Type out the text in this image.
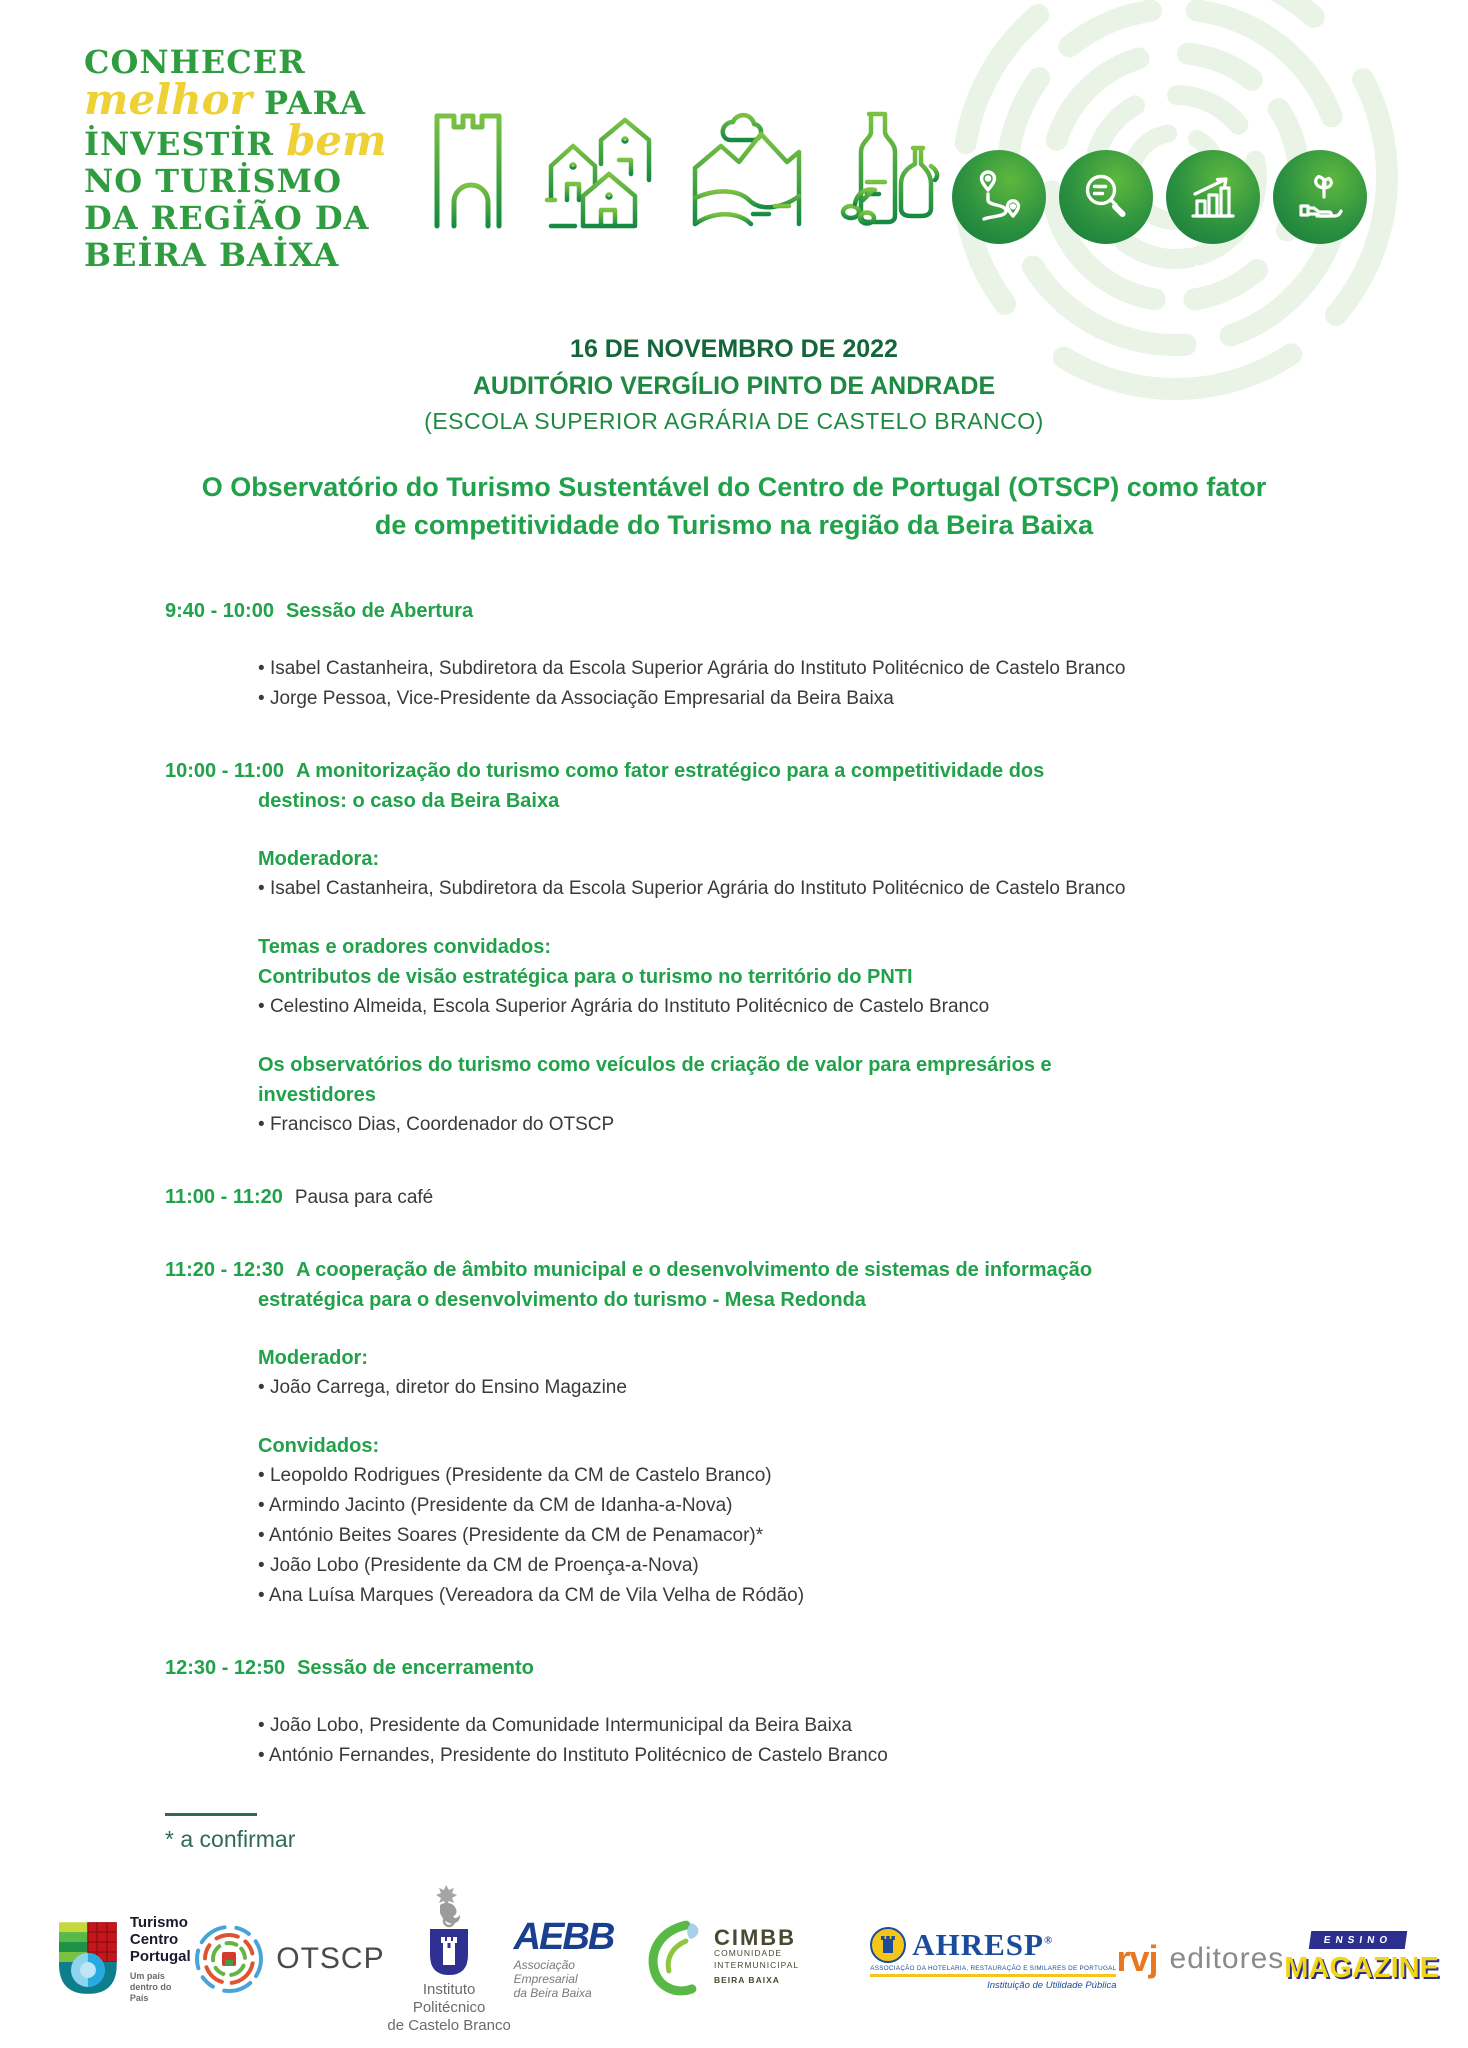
CONHECER
melhor PARA
İNVESTİR bem
NO TURİSMO
DA REGİÃO DA
BEİRA BAİXA
16 DE NOVEMBRO DE 2022
AUDITÓRIO VERGÍLIO PINTO DE ANDRADE
(ESCOLA SUPERIOR AGRÁRIA DE CASTELO BRANCO)
O Observatório do Turismo Sustentável do Centro de Portugal (OTSCP) como fator
de competitividade do Turismo na região da Beira Baixa

9:40 - 10:00 Sessão de Abertura

• Isabel Castanheira, Subdiretora da Escola Superior Agrária do Instituto Politécnico de Castelo Branco

• Jorge Pessoa, Vice-Presidente da Associação Empresarial da Beira Baixa

10:00 - 11:00 A monitorização do turismo como fator estratégico para a competitividade dos

destinos: o caso da Beira Baixa

Moderadora:

• Isabel Castanheira, Subdiretora da Escola Superior Agrária do Instituto Politécnico de Castelo Branco

Temas e oradores convidados:

Contributos de visão estratégica para o turismo no território do PNTI

• Celestino Almeida, Escola Superior Agrária do Instituto Politécnico de Castelo Branco

Os observatórios do turismo como veículos de criação de valor para empresários e

investidores

• Francisco Dias, Coordenador do OTSCP

11:00 - 11:20 Pausa para café

11:20 - 12:30 A cooperação de âmbito municipal e o desenvolvimento de sistemas de informação

estratégica para o desenvolvimento do turismo - Mesa Redonda

Moderador:

• João Carrega, diretor do Ensino Magazine

Convidados:

• Leopoldo Rodrigues (Presidente da CM de Castelo Branco)

• Armindo Jacinto (Presidente da CM de Idanha-a-Nova)

• António Beites Soares (Presidente da CM de Penamacor)*

• João Lobo (Presidente da CM de Proença-a-Nova)

• Ana Luísa Marques (Vereadora da CM de Vila Velha de Ródão)

12:30 - 12:50 Sessão de encerramento

• João Lobo, Presidente da Comunidade Intermunicipal da Beira Baixa

• António Fernandes, Presidente do Instituto Politécnico de Castelo Branco

* a confirmar
Turismo
Centro
Portugal
Um país
dentro do País
OTSCP
Instituto Politécnico
de Castelo Branco
AEBB
Associação Empresarial
da Beira Baixa
CIMBB
COMUNIDADE INTERMUNICIPAL
BEIRA BAIXA
AHRESP®
ASSOCIAÇÃO DA HOTELARIA, RESTAURAÇÃO E SIMILARES DE PORTUGAL
Instituição de Utilidade Pública
rvj editores
ENSINO
MAGAZINE
